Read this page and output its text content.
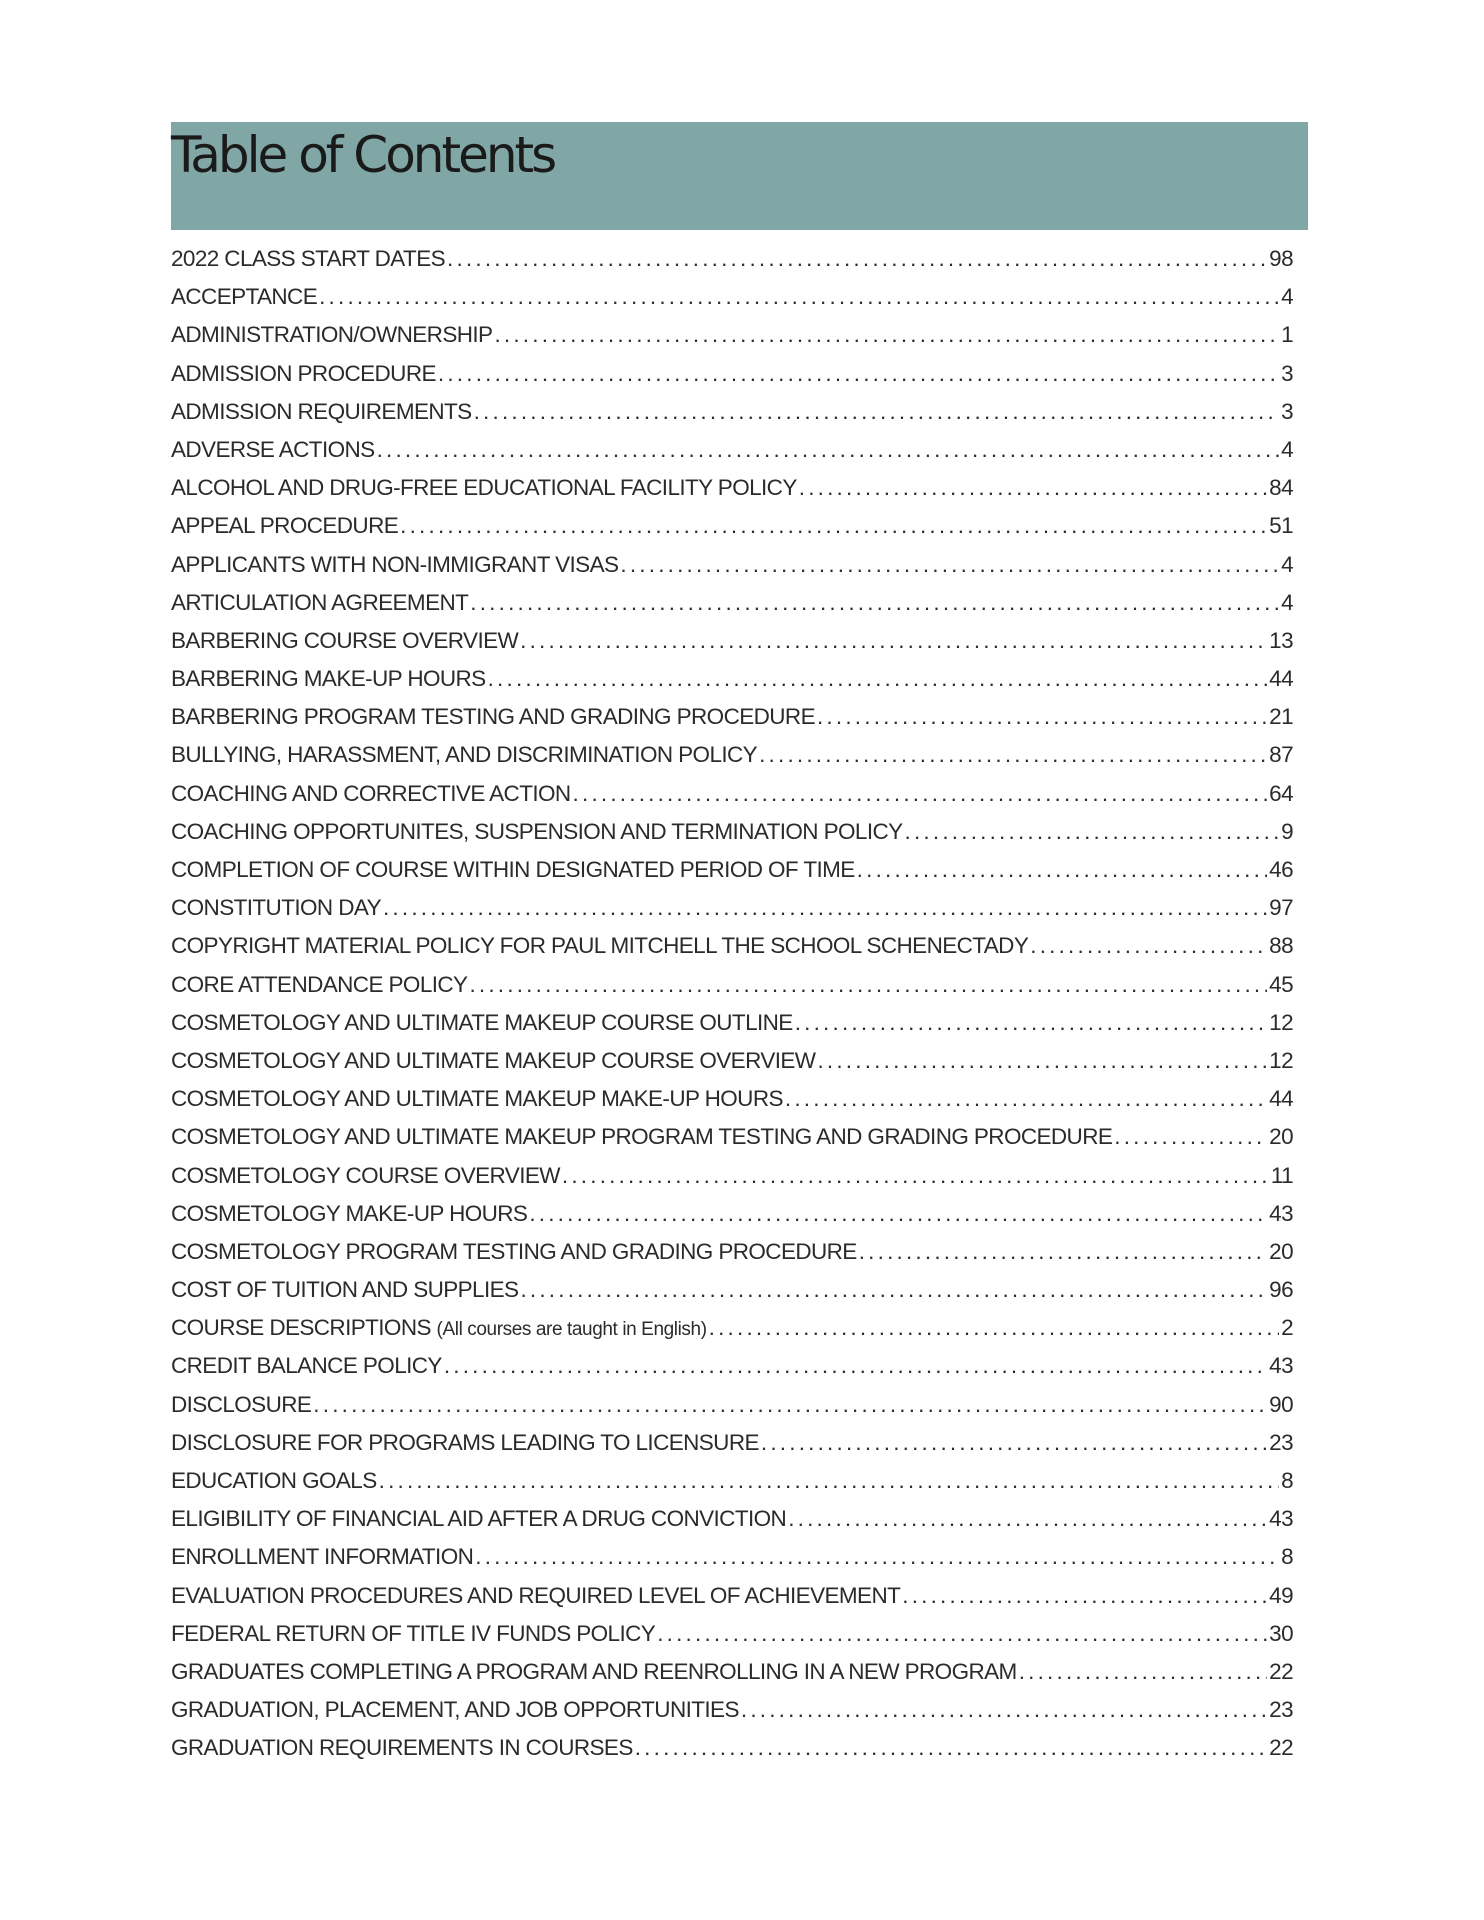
Table of Contents
2022 CLASS START DATES .....	98
ACCEPTANCE .....	4
ADMINISTRATION/OWNERSHIP .....	1
ADMISSION PROCEDURE .....	3
ADMISSION REQUIREMENTS .....	3
ADVERSE ACTIONS .....	4
ALCOHOL AND DRUG-FREE EDUCATIONAL FACILITY POLICY .....	84
APPEAL PROCEDURE .....	51
APPLICANTS WITH NON-IMMIGRANT VISAS .....	4
ARTICULATION AGREEMENT .....	4
BARBERING COURSE OVERVIEW .....	13
BARBERING MAKE-UP HOURS .....	44
BARBERING PROGRAM TESTING AND GRADING PROCEDURE .....	21
BULLYING, HARASSMENT, AND DISCRIMINATION POLICY .....	87
COACHING AND CORRECTIVE ACTION .....	64
COACHING OPPORTUNITES, SUSPENSION AND TERMINATION POLICY .....	9
COMPLETION OF COURSE WITHIN DESIGNATED PERIOD OF TIME .....	46
CONSTITUTION DAY .....	97
COPYRIGHT MATERIAL POLICY FOR PAUL MITCHELL THE SCHOOL SCHENECTADY .....	88
CORE ATTENDANCE POLICY .....	45
COSMETOLOGY AND ULTIMATE MAKEUP COURSE OUTLINE .....	12
COSMETOLOGY AND ULTIMATE MAKEUP COURSE OVERVIEW .....	12
COSMETOLOGY AND ULTIMATE MAKEUP MAKE-UP HOURS .....	44
COSMETOLOGY AND ULTIMATE MAKEUP PROGRAM TESTING AND GRADING PROCEDURE .....	20
COSMETOLOGY COURSE OVERVIEW .....	11
COSMETOLOGY MAKE-UP HOURS .....	43
COSMETOLOGY PROGRAM TESTING AND GRADING PROCEDURE .....	20
COST OF TUITION AND SUPPLIES .....	96
COURSE DESCRIPTIONS (All courses are taught in English) .....	2
CREDIT BALANCE POLICY .....	43
DISCLOSURE .....	90
DISCLOSURE FOR PROGRAMS LEADING TO LICENSURE .....	23
EDUCATION GOALS .....	8
ELIGIBILITY OF FINANCIAL AID AFTER A DRUG CONVICTION .....	43
ENROLLMENT INFORMATION .....	8
EVALUATION PROCEDURES AND REQUIRED LEVEL OF ACHIEVEMENT .....	49
FEDERAL RETURN OF TITLE IV FUNDS POLICY .....	30
GRADUATES COMPLETING A PROGRAM AND REENROLLING IN A NEW PROGRAM .....	22
GRADUATION, PLACEMENT, AND JOB OPPORTUNITIES .....	23
GRADUATION REQUIREMENTS IN COURSES .....	22
